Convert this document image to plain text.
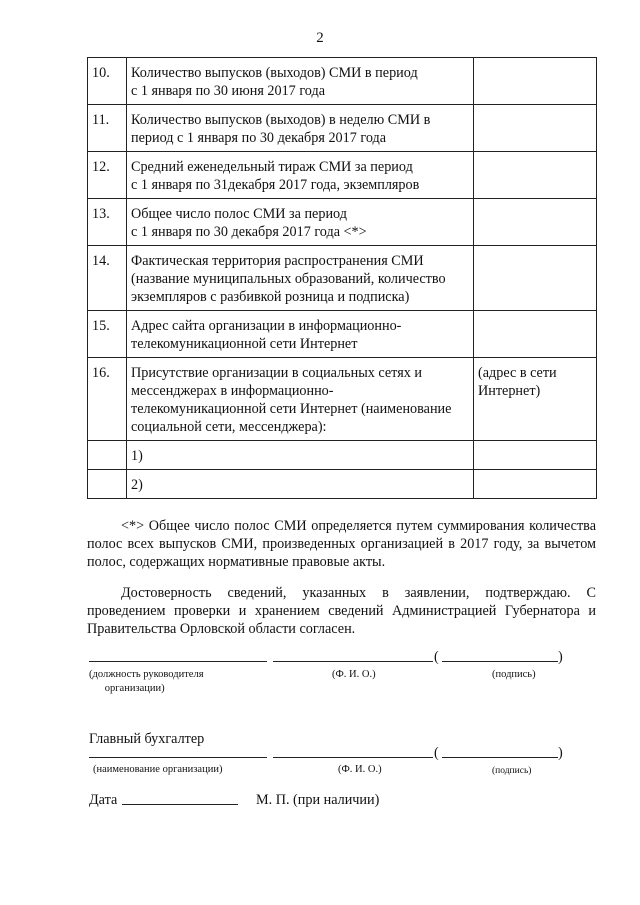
2
10.	Количество выпусков (выходов) СМИ в период
с 1 января по 30 июня 2017 года	
11.	Количество выпусков (выходов) в неделю СМИ в
период с 1 января по 30 декабря 2017 года	
12.	Средний еженедельный тираж СМИ за период
с 1 января по 31декабря 2017 года, экземпляров	
13.	Общее число полос СМИ за период
с 1 января по 30 декабря 2017 года <*>	
14.	Фактическая территория распространения СМИ
(название муниципальных образований, количество
экземпляров с разбивкой розница и подписка)	
15.	Адрес сайта организации в информационно-
телекомуникационной сети Интернет	
16.	Присутствие организации в социальных сетях и
мессенджерах в информационно-
телекомуникационной сети Интернет (наименование
социальной сети, мессенджера):	(адрес в сети
Интернет)
	1)	
	2)	
<*> Общее число полос СМИ определяется путем суммирования количества полос всех выпусков СМИ, произведенных организацией в 2017 году, за вычетом полос, содержащих нормативные правовые акты.
Достоверность сведений, указанных в заявлении, подтверждаю. С проведением проверки и хранением сведений Администрацией Губернатора и Правительства Орловской области согласен.
(	)
(должность руководителя
организации)
(Ф. И. О.)	(подпись)
Главный бухгалтер
(	)
(наименование организации)	(Ф. И. О.)	(подпись)
Дата	М. П. (при наличии)
